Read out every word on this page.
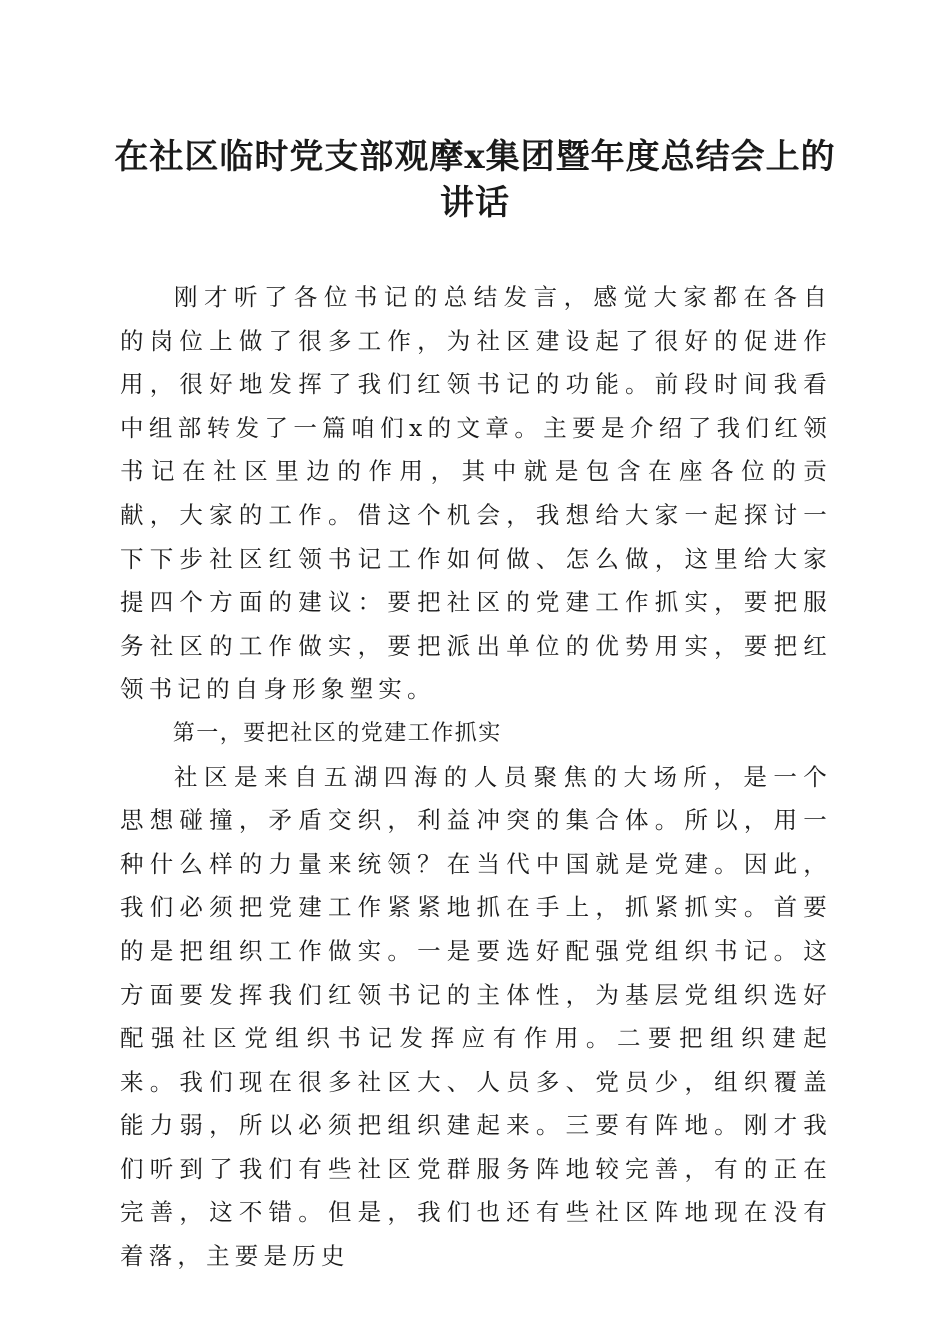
在社区临时党支部观摩x集团暨年度总结会上的讲话

刚才听了各位书记的总结发言，感觉大家都在各自的岗位上做了很多工作，为社区建设起了很好的促进作用，很好地发挥了我们红领书记的功能。前段时间我看中组部转发了一篇咱们x的文章。主要是介绍了我们红领书记在社区里边的作用，其中就是包含在座各位的贡献，大家的工作。借这个机会，我想给大家一起探讨一下下步社区红领书记工作如何做、怎么做，这里给大家提四个方面的建议：要把社区的党建工作抓实，要把服务社区的工作做实，要把派出单位的优势用实，要把红领书记的自身形象塑实。

第一，要把社区的党建工作抓实

社区是来自五湖四海的人员聚焦的大场所，是一个思想碰撞，矛盾交织，利益冲突的集合体。所以，用一种什么样的力量来统领？在当代中国就是党建。因此，我们必须把党建工作紧紧地抓在手上，抓紧抓实。首要的是把组织工作做实。一是要选好配强党组织书记。这方面要发挥我们红领书记的主体性，为基层党组织选好配强社区党组织书记发挥应有作用。二要把组织建起来。我们现在很多社区大、人员多、党员少，组织覆盖能力弱，所以必须把组织建起来。三要有阵地。刚才我们听到了我们有些社区党群服务阵地较完善，有的正在完善，这不错。但是，我们也还有些社区阵地现在没有着落，主要是历史
